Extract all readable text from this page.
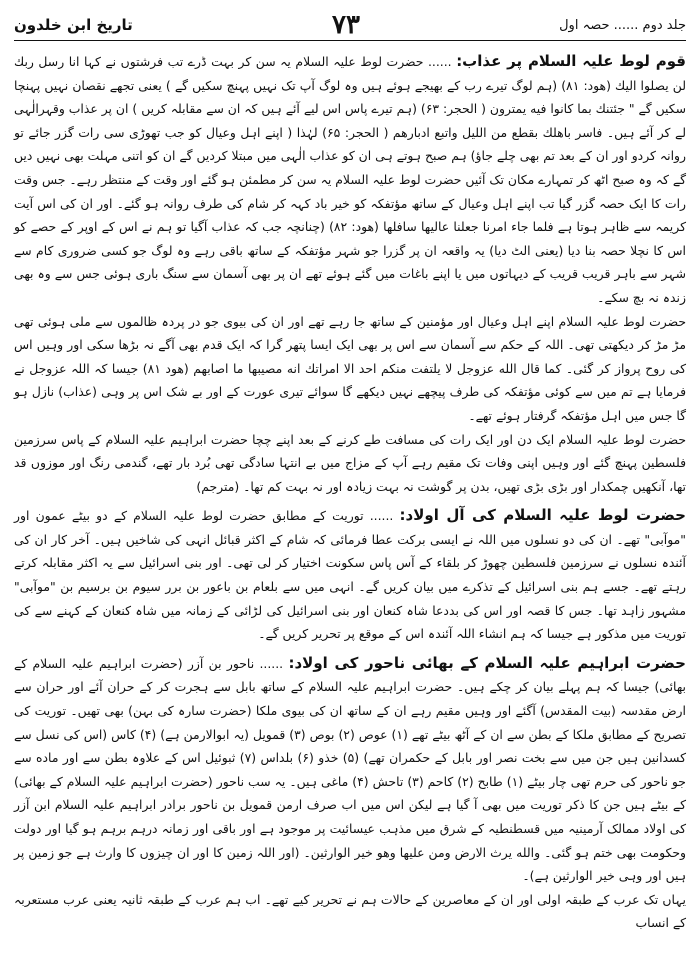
تاریخ ابن خلدون	۷۳	جلد دوم ...... حصہ اول

قوم لوط علیہ السلام پر عذاب: ...... حضرت لوط علیہ السلام یہ سن کر بہت ڈرے تب فرشتوں نے کہا انا رسل ربك لن یصلوا الیك (ھود: ۸۱) (ہم لوگ تیرے رب کے بھیجے ہوئے ہیں وہ لوگ آپ تک نہیں پہنچ سکیں گے ) یعنی تجھے نقصان نہیں پہنچا سکیں گے " جئتنك بما كانوا فيه يمترون ( الحجر: ۶۳) (ہم تیرے پاس اس لیے آئے ہیں کہ ان سے مقابلہ کریں ) ان پر عذاب وقہرالٰہی لے کر آئے ہیں۔ فاسر باهلك بقطع من الليل واتبع ادبارهم ( الحجر: ۶۵) لہٰذا ( اپنے اہل وعیال کو جب تھوڑی سی رات گزر جائے تو روانہ کردو اور ان کے بعد تم بھی چلے جاؤ) ہم صبح ہوتے ہی ان کو عذاب الٰہی میں مبتلا کردیں گے ان کو اتنی مہلت بھی نہیں دیں گے کہ وہ صبح اٹھ کر تمہارے مکان تک آئیں حضرت لوط علیہ السلام یہ سن کر مطمئن ہو گئے اور وقت کے منتظر رہے۔ جس وقت رات کا ایک حصہ گزر گیا تب اپنے اہل وعیال کے ساتھ مؤتفکہ کو خیر باد کہہ کر شام کی طرف روانہ ہو گئے۔ اور ان کی اس آیت کریمہ سے ظاہر ہوتا ہے فلما جاء امرنا جعلنا عاليها سافلها (ھود: ۸۲) (چنانچہ جب کہ عذاب آگیا تو ہم نے اس کے اوپر کے حصے کو اس کا نچلا حصہ بنا دیا (یعنی الٹ دیا) یہ واقعہ ان پر گزرا جو شہر مؤتفکہ کے ساتھ باقی رہے وہ لوگ جو کسی ضروری کام سے شہر سے باہر قریب قریب کے دیہاتوں میں یا اپنے باغات میں گئے ہوئے تھے ان پر بھی آسمان سے سنگ باری ہوئی جس سے وہ بھی زندہ نہ بچ سکے۔

حضرت لوط علیہ السلام اپنے اہل وعیال اور مؤمنین کے ساتھ جا رہے تھے اور ان کی بیوی جو در پردہ ظالموں سے ملی ہوئی تھی مڑ مڑ کر دیکھتی تھی۔ اللہ کے حکم سے آسمان سے اس پر بھی ایک ایسا پتھر گرا کہ ایک قدم بھی آگے نہ بڑھا سکی اور وہیں اس کی روح پرواز کر گئی۔ کما قال الله عزوجل لا یلتفت منکم احد الا امراتك انه مصيبها ما اصابهم (ھود ۸۱) جیسا کہ اللہ عزوجل نے فرمایا ہے تم میں سے کوئی مؤتفکہ کی طرف پیچھے نہیں دیکھے گا سوائے تیری عورت کے اور بے شک اس پر وہی (عذاب) نازل ہو گا جس میں اہل مؤتفکہ گرفتار ہوئے تھے۔

حضرت لوط علیہ السلام ایک دن اور ایک رات کی مسافت طے کرنے کے بعد اپنے چچا حضرت ابراہیم علیہ السلام کے پاس سرزمین فلسطین پہنچ گئے اور وہیں اپنی وفات تک مقیم رہے آپ کے مزاج میں بے انتہا سادگی تھی بُرد بار تھے، گندمی رنگ اور موزوں قد تھا، آنکھیں چمکدار اور بڑی بڑی تھیں، بدن پر گوشت نہ بہت زیادہ اور نہ بہت کم تھا۔ (مترجم)

حضرت لوط علیہ السلام کی آل اولاد: ...... توریت کے مطابق حضرت لوط علیہ السلام کے دو بیٹے عمون اور "موآبی" تھے۔ ان کی دو نسلوں میں اللہ نے ایسی برکت عطا فرمائی کہ شام کے اکثر قبائل انہی کی شاخیں ہیں۔ آخر کار ان کی آئندہ نسلوں نے سرزمین فلسطین چھوڑ کر بلقاء کے آس پاس سکونت اختیار کر لی تھی۔ اور بنی اسرائیل سے یہ اکثر مقابلہ کرتے رہتے تھے۔ جسے ہم بنی اسرائیل کے تذکرے میں بیان کریں گے۔ انہی میں سے بلعام بن باعور بن برر سیوم بن برسیم بن "موآبی" مشہور زاہد تھا۔ جس کا قصہ اور اس کی بددعا شاہ کنعان اور بنی اسرائیل کی لڑائی کے زمانہ میں شاہ کنعان کے کہنے سے کی توریت میں مذکور ہے جیسا کہ ہم انشاء اللہ آئندہ اس کے موقع پر تحریر کریں گے۔

حضرت ابراہیم علیہ السلام کے بھائی ناحور کی اولاد: ...... ناحور بن آزر (حضرت ابراہیم علیہ السلام کے بھائی) جیسا کہ ہم پہلے بیان کر چکے ہیں۔ حضرت ابراہیم علیہ السلام کے ساتھ بابل سے ہجرت کر کے حران آئے اور حران سے ارض مقدسہ (بیت المقدس) آگئے اور وہیں مقیم رہے ان کے ساتھ ان کی بیوی ملکا (حضرت سارہ کی بہن) بھی تھیں۔ توریت کی تصریح کے مطابق ملکا کے بطن سے ان کے آٹھ بیٹے تھے (۱) عوص (۲) بوص (۳) قمویل (یہ ابوالارمن ہے) (۴) کاس (اس کی نسل سے کسدانین ہیں جن میں سے بخت نصر اور بابل کے حکمران تھے) (۵) خذو (۶) بلداس (۷) ثبوئیل اس کے علاوہ بطن سے اور ماده سے جو ناحور کی حرم تھی چار بیٹے (۱) طابح (۲) کاحم (۳) تاحش (۴) ماغی ہیں۔ یہ سب ناحور (حضرت ابراہیم علیہ السلام کے بھائی) کے بیٹے ہیں جن کا ذکر توریت میں بھی آ گیا ہے لیکن اس میں اب صرف ارمن قمویل بن ناحور برادر ابراہیم علیہ السلام ابن آزر کی اولاد ممالک آرمینیہ میں قسطنطیہ کے شرق میں مذہب عیسائیت پر موجود ہے اور باقی اور زمانہ درہم برہم ہو گیا اور دولت وحکومت بھی ختم ہو گئی۔ والله يرث الارض ومن عليها وهو خير الوارثين۔ (اور اللہ زمین کا اور ان چیزوں کا وارث ہے جو زمین پر ہیں اور وہی خیر الوارثین ہے)۔

یہاں تک عرب کے طبقہ اولی اور ان کے معاصرین کے حالات ہم نے تحریر کیے تھے۔ اب ہم عرب کے طبقہ ثانیہ یعنی عرب مستعربہ کے انساب
